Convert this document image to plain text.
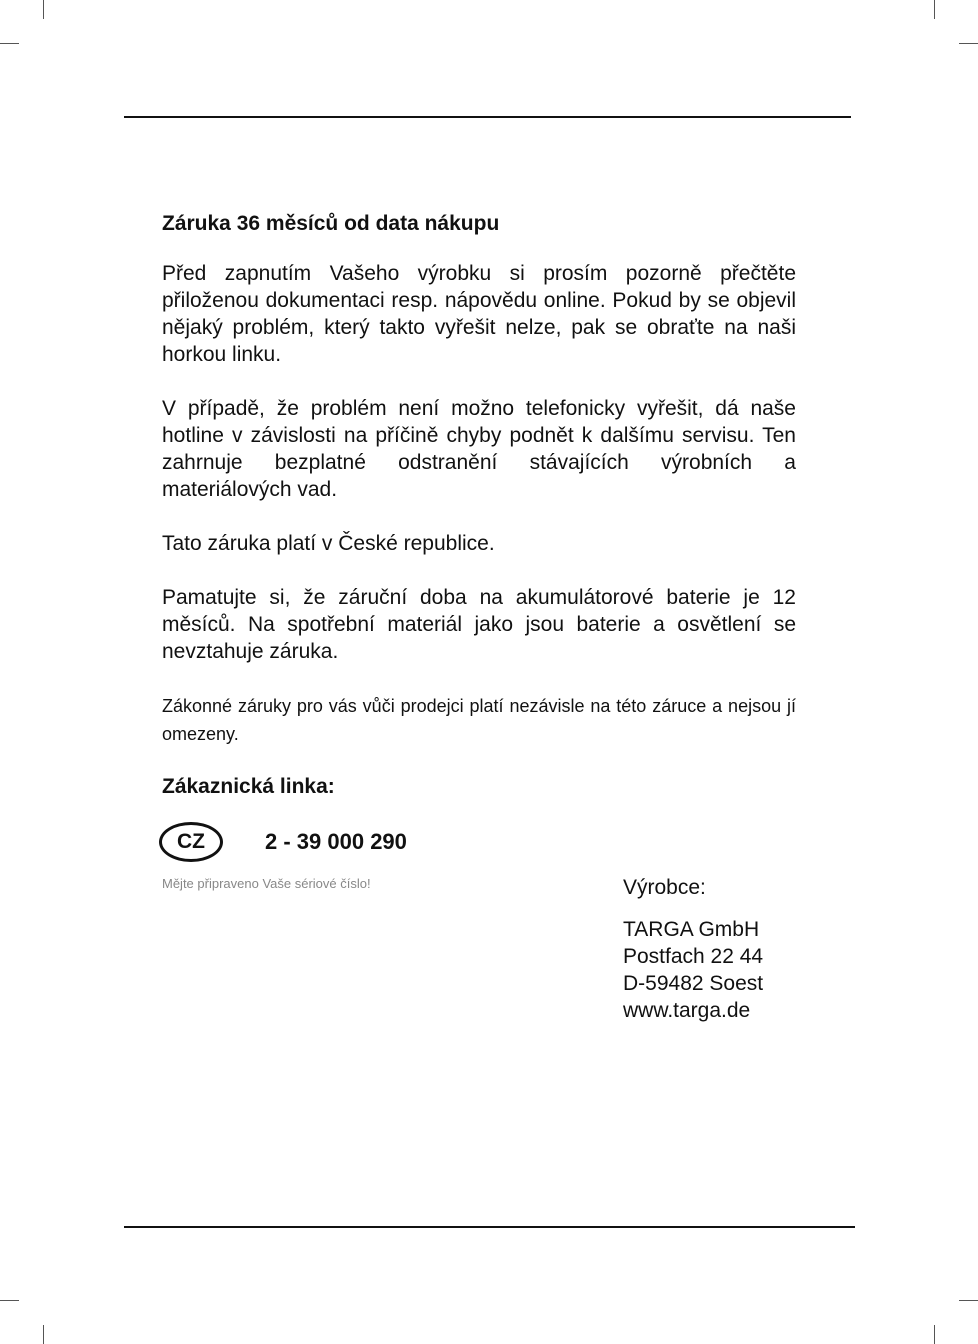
Záruka 36 měsíců od data nákupu

Před zapnutím Vašeho výrobku si prosím pozorně přečtěte přiloženou dokumentaci resp. nápovědu online. Pokud by se objevil nějaký problém, který takto vyřešit nelze, pak se obraťte na naši horkou linku.

V případě, že problém není možno telefonicky vyřešit, dá naše hotline v závislosti na příčině chyby podnět k dalšímu servisu. Ten zahrnuje bezplatné odstranění stávajících výrobních a materiálových vad.

Tato záruka platí v České republice.

Pamatujte si, že záruční doba na akumulátorové baterie je 12 měsíců. Na spotřební materiál jako jsou baterie a osvětlení se nevztahuje záruka.

Zákonné záruky pro vás vůči prodejci platí nezávisle na této záruce a nejsou jí omezeny.

Zákaznická linka:
CZ	2 - 39 000 290
Mějte připraveno Vaše sériové číslo!	Výrobce:
TARGA GmbH
Postfach 22 44
D-59482 Soest
www.targa.de
